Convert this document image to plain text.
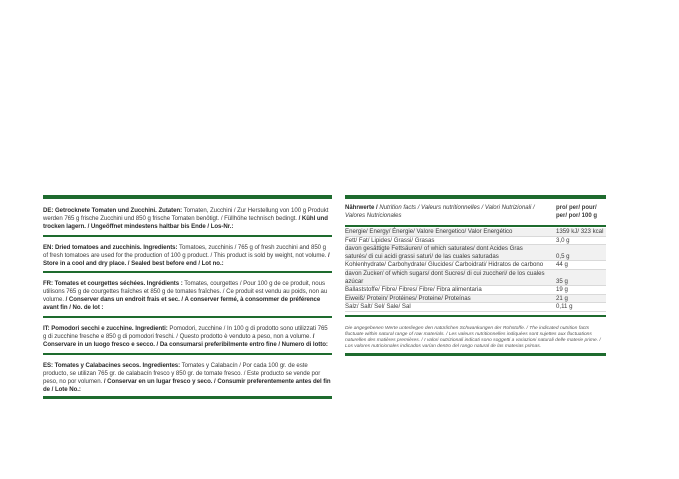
DE: Getrocknete Tomaten und Zucchini. Zutaten: Tomaten, Zucchini / Zur Herstellung von 100 g Produkt werden 765 g frische Zucchini und 850 g frische Tomaten benötigt. / Füllhöhe technisch bedingt. / Kühl und trocken lagern. / Ungeöffnet mindestens haltbar bis Ende / Los-Nr.:

EN: Dried tomatoes and zucchinis. Ingredients: Tomatoes, zucchinis / 765 g of fresh zucchini and 850 g of fresh tomatoes are used for the production of 100 g product. / This product is sold by weight, not volume. / Store in a cool and dry place. / Sealed best before end / Lot no.:

FR: Tomates et courgettes séchées. Ingrédients : Tomates, courgettes / Pour 100 g de ce produit, nous utilisons 765 g de courgettes fraîches et 850 g de tomates fraîches. / Ce produit est vendu au poids, non au volume. / Conserver dans un endroit frais et sec. / A conserver fermé, à consommer de préférence avant fin / No. de lot :

IT: Pomodori secchi e zucchine. Ingredienti: Pomodori, zucchine / In 100 g di prodotto sono utilizzati 765 g di zucchine fresche e 850 g di pomodori freschi. / Questo prodotto è venduto a peso, non a volume. / Conservare in un luogo fresco e secco. / Da consumarsi preferibilmente entro fine / Numero di lotto:

ES: Tomates y Calabacines secos. Ingredientes: Tomates y Calabacín / Por cada 100 gr. de este producto, se utilizan 765 gr. de calabacín fresco y 850 gr. de tomate fresco. / Este producto se vende por peso, no por volumen. / Conservar en un lugar fresco y seco. / Consumir preferentemente antes del fin de / Lote No.:

Nährwerte / Nutrition facts / Valeurs nutritionnelles / Valori Nutrizionali / Valores Nutricionales
pro/ per/ pour/ per/ por/ 100 g
Energie/ Energy/ Énergie/ Valore Energetico/ Valor Energético	1359 kJ/ 323 kcal
Fett/ Fat/ Lipides/ Grassi/ Grasas	3,0 g
davon gesättigte Fettsäuren/ of which saturates/ dont Acides Gras saturés/ di cui acidi grassi saturi/ de las cuales saturadas	0,5 g
Kohlenhydrate/ Carbohydrate/ Glucides/ Carboidrati/ Hidratos de carbono 44 g
davon Zucker/ of which sugars/ dont Sucres/ di cui zuccheri/ de los cuales azúcar	35 g
Ballaststoffe/ Fibre/ Fibres/ Fibre/ Fibra alimentaria	19 g
Eiweiß/ Protein/ Protéines/ Proteine/ Proteínas	21 g
Salz/ Salt/ Sel/ Sale/ Sal	0,11 g
Die angegebenen Werte unterliegen den natürlichen Schwankungen der Rohstoffe. / The indicated nutrition facts fluctuate within natural range of raw materials. / Les valeurs nutritionnelles indiquées sont sujettes aux fluctuations naturelles des matières premières. / I valori nutrizionali indicati sono soggetti a variazioni naturali delle materie prime. / Los valores nutricionales indicados varían dentro del rango natural de las materias primas.
